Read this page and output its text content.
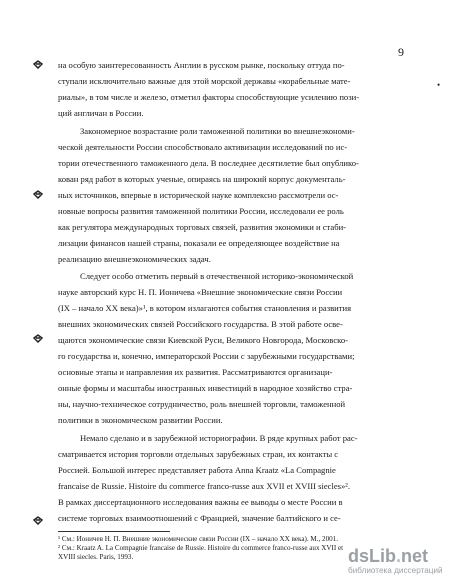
9
•
на особую заинтересованность Англии в русском рынке, поскольку оттуда по-
ступали исключительно важные для этой морской державы «корабельные мате-
риалы», в том числе и железо, отметил факторы способствующие усилению пози-
ций англичан в России.
Закономерное возрастание роли таможенной политики во внешнеэкономи-
ческой деятельности России способствовало активизации исследований по ис-
тории отечественного таможенного дела. В последнее десятилетие был опублико-
кован ряд работ в которых ученые, опираясь на широкий корпус документаль-
ных источников, впервые в исторической науке комплексно рассмотрели ос-
новные вопросы развития таможенной политики России, исследовали ее роль
как регулятора международных торговых связей, развития экономики и стаби-
лизации финансов нашей страны, показали ее определяющее воздействие на
реализацию внешнеэкономических задач.
Следует особо отметить первый в отечественной историко-экономической
науке авторский курс Н. П. Ионичева «Внешние экономические связи России
(IX – начало XX века)»¹, в котором излагаются события становления и развития
внешних экономических связей Российского государства. В этой работе осве-
щаются экономические связи Киевской Руси, Великого Новгорода, Московско-
го государства и, конечно, императорской России с зарубежными государствами;
основные этапы и направления их развития. Рассматриваются организаци-
онные формы и масштабы иностранных инвестиций в народное хозяйство стра-
ны, научно-техническое сотрудничество, роль внешней торговли, таможенной
политики в экономическом развитии России.
Немало сделано и в зарубежной историографии. В ряде крупных работ рас-
сматривается история торговли отдельных зарубежных стран, их контакты с
Россией. Большой интерес представляет работа Anna Kraatz «La Compagnie
francaise de Russie. Histoire du commerce franco-russe aux XVII et XVIII siecles»².
В рамках диссертационного исследования важны ее выводы о месте России в
системе торговых взаимоотношений с Францией, значение балтийского и се-
¹ См.: Ионичев Н. П. Внешние экономические связи России (IX – начало XX века). М., 2001.
² См.: Kraatz A. La Compagnie francaise de Russie. Histoire du commerce franco-russe aux XVII et
XVIII siecles. Paris, 1993.	dsLib.net
библиотека диссертаций
